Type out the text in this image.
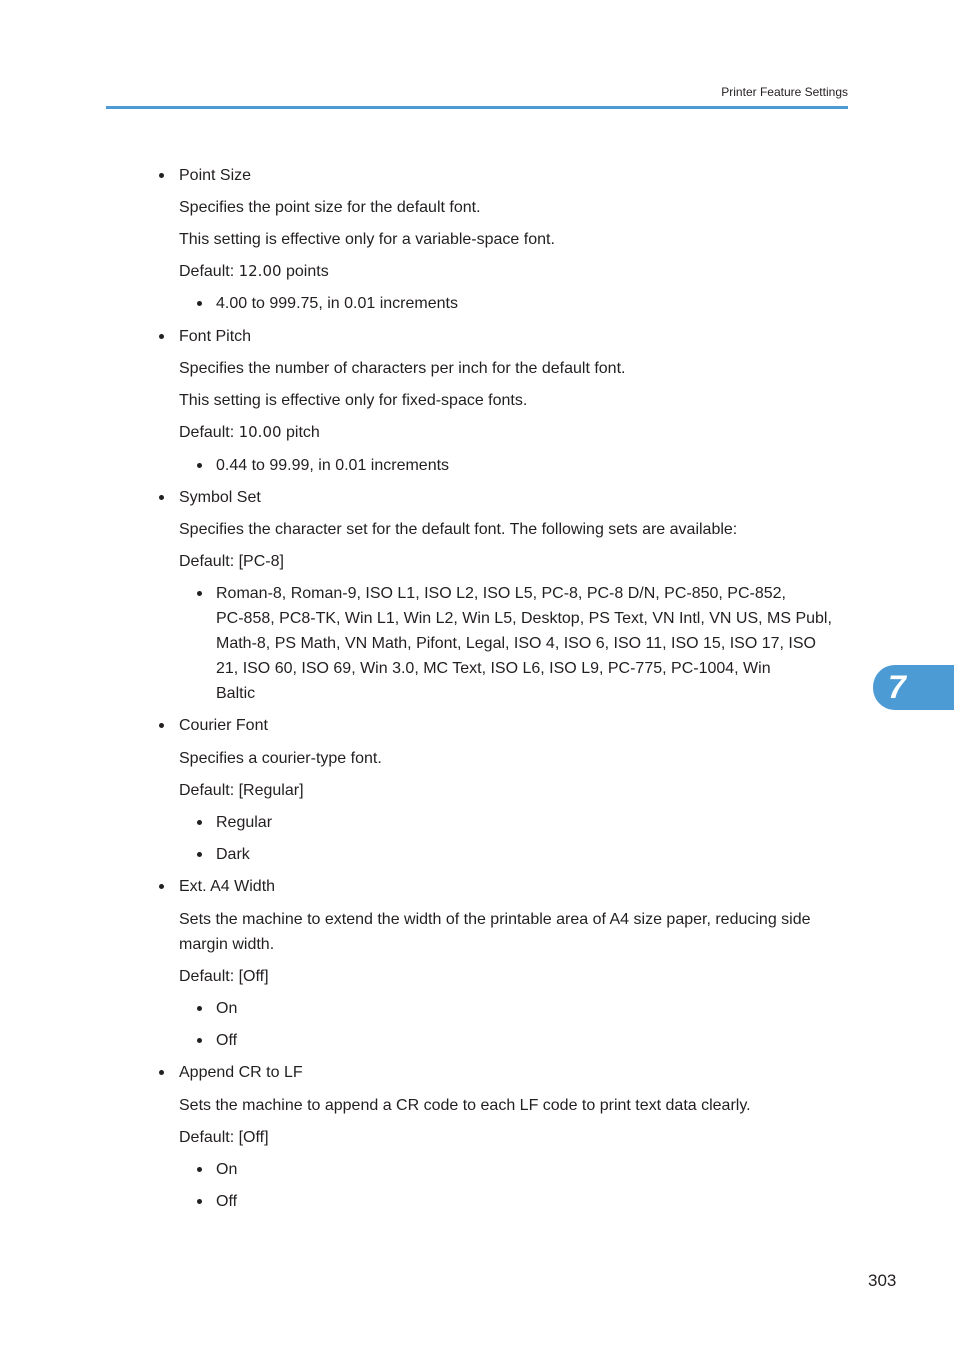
Printer Feature Settings
Point Size
Specifies the point size for the default font.
This setting is effective only for a variable-space font.
Default: 12.00 points
4.00 to 999.75, in 0.01 increments
Font Pitch
Specifies the number of characters per inch for the default font.
This setting is effective only for fixed-space fonts.
Default: 10.00 pitch
0.44 to 99.99, in 0.01 increments
Symbol Set
Specifies the character set for the default font. The following sets are available:
Default: [PC-8]
Roman-8, Roman-9, ISO L1, ISO L2, ISO L5, PC-8, PC-8 D/N, PC-850, PC-852,
PC-858, PC8-TK, Win L1, Win L2, Win L5, Desktop, PS Text, VN Intl, VN US, MS Publ,
Math-8, PS Math, VN Math, Pifont, Legal, ISO 4, ISO 6, ISO 11, ISO 15, ISO 17, ISO
21, ISO 60, ISO 69, Win 3.0, MC Text, ISO L6, ISO L9, PC-775, PC-1004, Win
Baltic
Courier Font
Specifies a courier-type font.
Default: [Regular]
Regular
Dark
Ext. A4 Width
Sets the machine to extend the width of the printable area of A4 size paper, reducing side
margin width.
Default: [Off]
On
Off
Append CR to LF
Sets the machine to append a CR code to each LF code to print text data clearly.
Default: [Off]
On
Off
7
303
